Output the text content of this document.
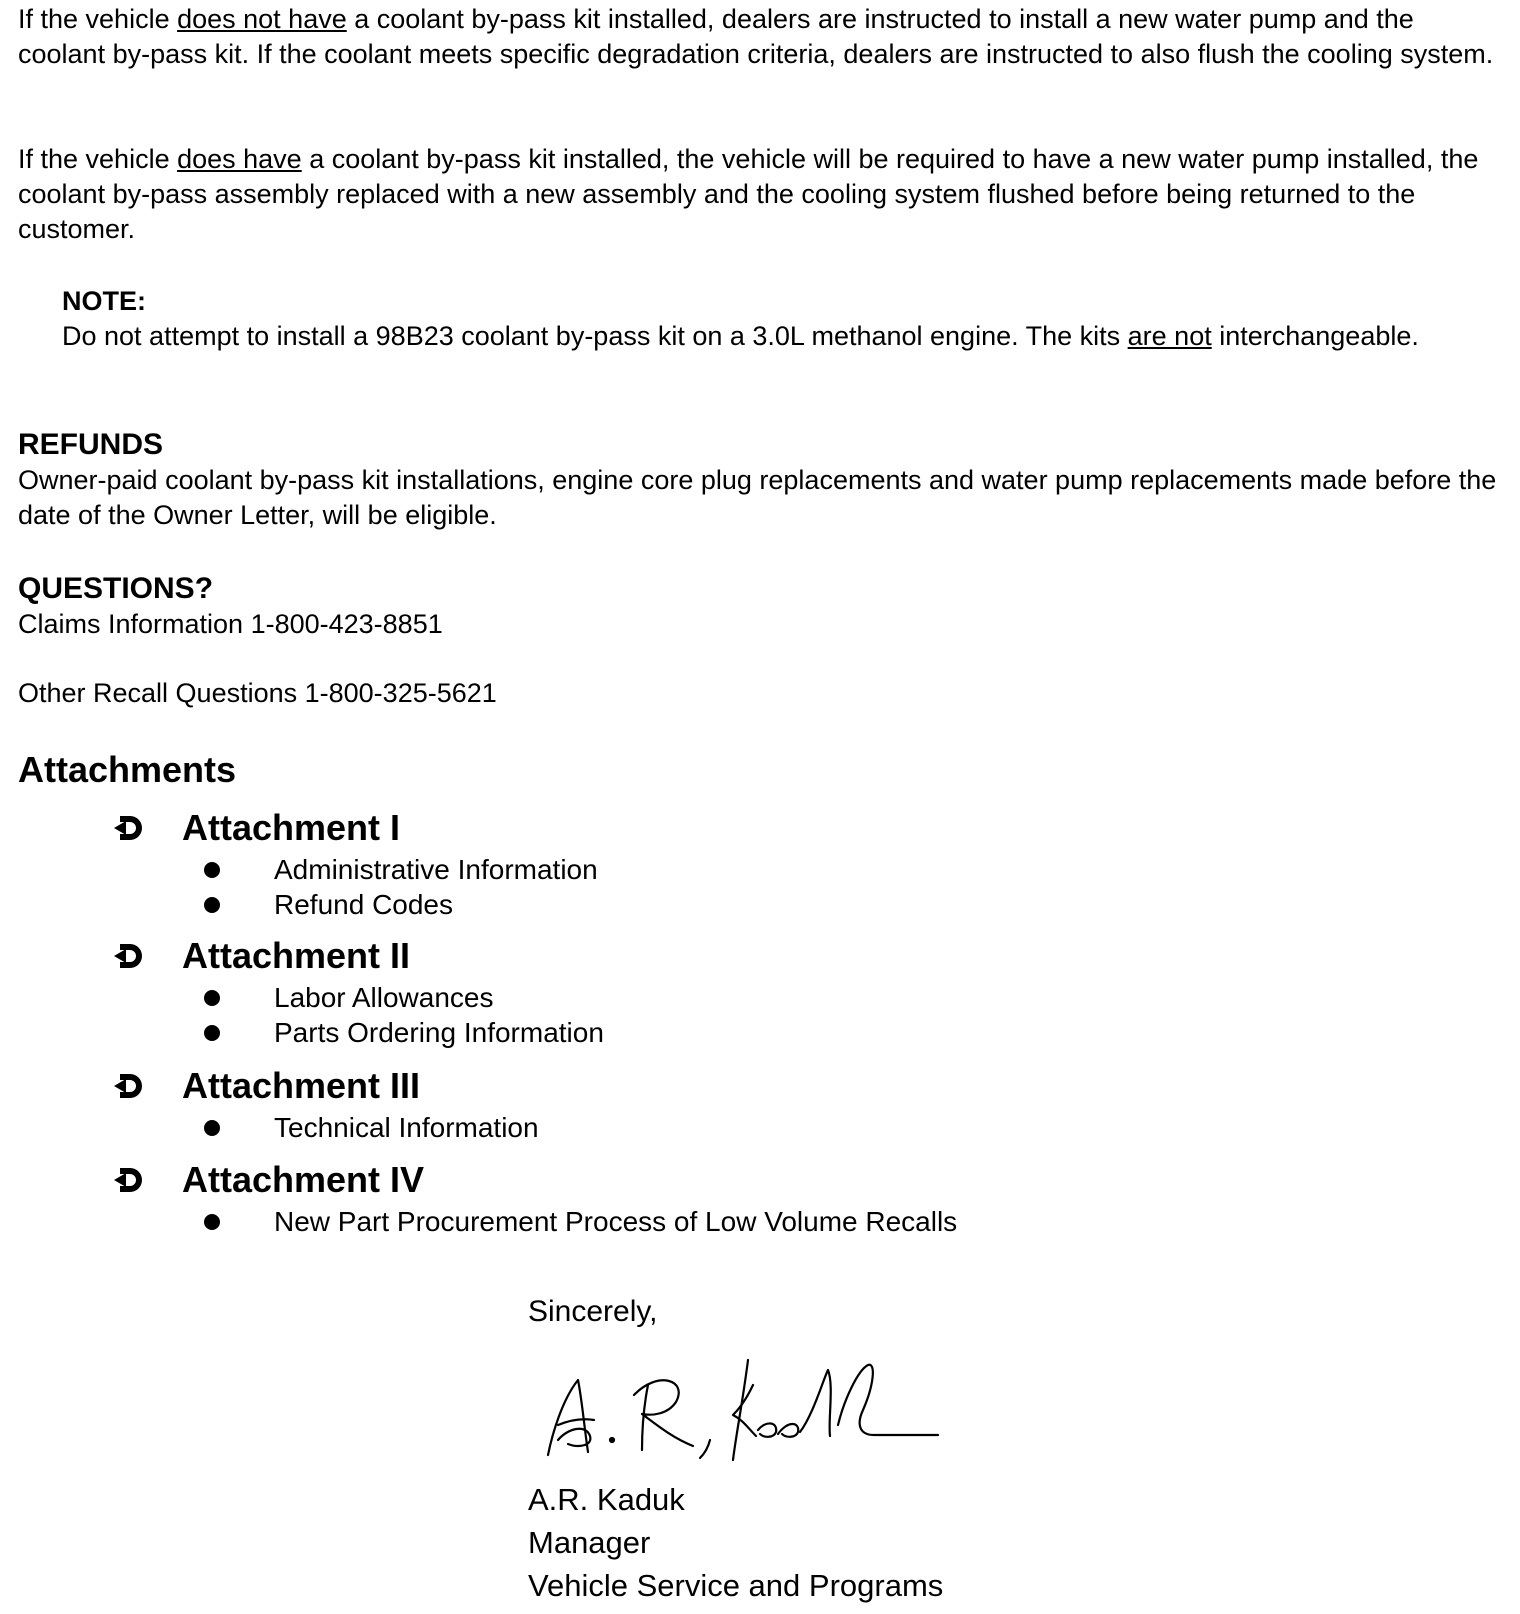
If the vehicle does not have a coolant by-pass kit installed, dealers are instructed to install a new water pump and the coolant by-pass kit. If the coolant meets specific degradation criteria, dealers are instructed to also flush the cooling system.

If the vehicle does have a coolant by-pass kit installed, the vehicle will be required to have a new water pump installed, the coolant by-pass assembly replaced with a new assembly and the cooling system flushed before being returned to the customer.

NOTE:

Do not attempt to install a 98B23 coolant by-pass kit on a 3.0L methanol engine. The kits are not interchangeable.

REFUNDS

Owner-paid coolant by-pass kit installations, engine core plug replacements and water pump replacements made before the date of the Owner Letter, will be eligible.

QUESTIONS?

Claims Information 1-800-423-8851

Other Recall Questions 1-800-325-5621

Attachments
Attachment I
Administrative Information
Refund Codes
Attachment II
Labor Allowances
Parts Ordering Information
Attachment III
Technical Information
Attachment IV
New Part Procurement Process of Low Volume Recalls
Sincerely,
A.R. Kaduk
Manager
Vehicle Service and Programs
